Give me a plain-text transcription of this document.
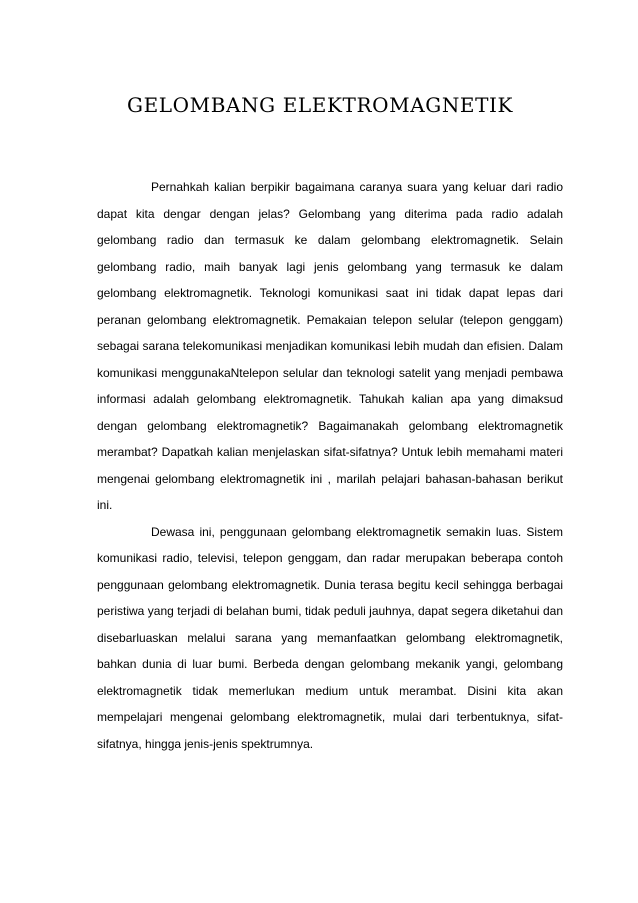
GELOMBANG ELEKTROMAGNETIK

Pernahkah kalian berpikir bagaimana caranya suara yang keluar dari radio dapat kita dengar dengan jelas? Gelombang yang diterima pada radio adalah gelombang radio dan termasuk ke dalam gelombang elektromagnetik. Selain gelombang radio, maih banyak lagi jenis gelombang yang termasuk ke dalam gelombang elektromagnetik. Teknologi komunikasi saat ini tidak dapat lepas dari peranan gelombang elektromagnetik. Pemakaian telepon selular (telepon genggam) sebagai sarana telekomunikasi menjadikan komunikasi lebih mudah dan efisien. Dalam komunikasi menggunakaNtelepon selular dan teknologi satelit yang menjadi pembawa informasi adalah gelombang elektromagnetik. Tahukah kalian apa yang dimaksud dengan gelombang elektromagnetik? Bagaimanakah gelombang elektromagnetik merambat? Dapatkah kalian menjelaskan sifat-sifatnya? Untuk lebih memahami materi mengenai gelombang elektromagnetik ini , marilah pelajari bahasan-bahasan berikut ini.

Dewasa ini, penggunaan gelombang elektromagnetik semakin luas. Sistem komunikasi radio, televisi, telepon genggam, dan radar merupakan beberapa contoh penggunaan gelombang elektromagnetik. Dunia terasa begitu kecil sehingga berbagai peristiwa yang terjadi di belahan bumi, tidak peduli jauhnya, dapat segera diketahui dan disebarluaskan melalui sarana yang memanfaatkan gelombang elektromagnetik, bahkan dunia di luar bumi. Berbeda dengan gelombang mekanik yangi, gelombang elektromagnetik tidak memerlukan medium untuk merambat. Disini kita akan mempelajari mengenai gelombang elektromagnetik, mulai dari terbentuknya, sifat-sifatnya, hingga jenis-jenis spektrumnya.
